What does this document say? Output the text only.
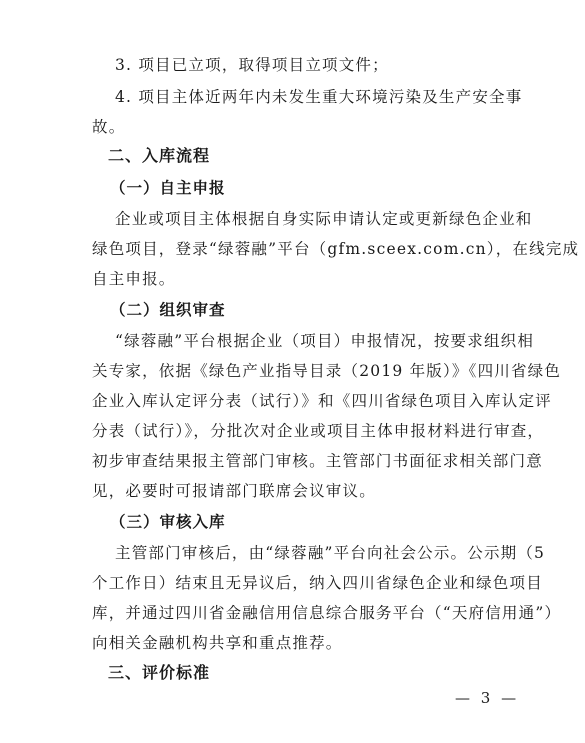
3. 项目已立项，取得项目立项文件；
4. 项目主体近两年内未发生重大环境污染及生产安全事
故。
二、入库流程
（一）自主申报
企业或项目主体根据自身实际申请认定或更新绿色企业和
绿色项目，登录“绿蓉融”平台（gfm.sceex.com.cn），在线完成
自主申报。
（二）组织审查
“绿蓉融”平台根据企业（项目）申报情况，按要求组织相
关专家，依据《绿色产业指导目录（2019 年版）》《四川省绿色
企业入库认定评分表（试行）》和《四川省绿色项目入库认定评
分表（试行）》，分批次对企业或项目主体申报材料进行审查，
初步审查结果报主管部门审核。主管部门书面征求相关部门意
见，必要时可报请部门联席会议审议。
（三）审核入库
主管部门审核后，由“绿蓉融”平台向社会公示。公示期（5
个工作日）结束且无异议后，纳入四川省绿色企业和绿色项目
库，并通过四川省金融信用信息综合服务平台（“天府信用通”）
向相关金融机构共享和重点推荐。
三、评价标准
— 3 —
